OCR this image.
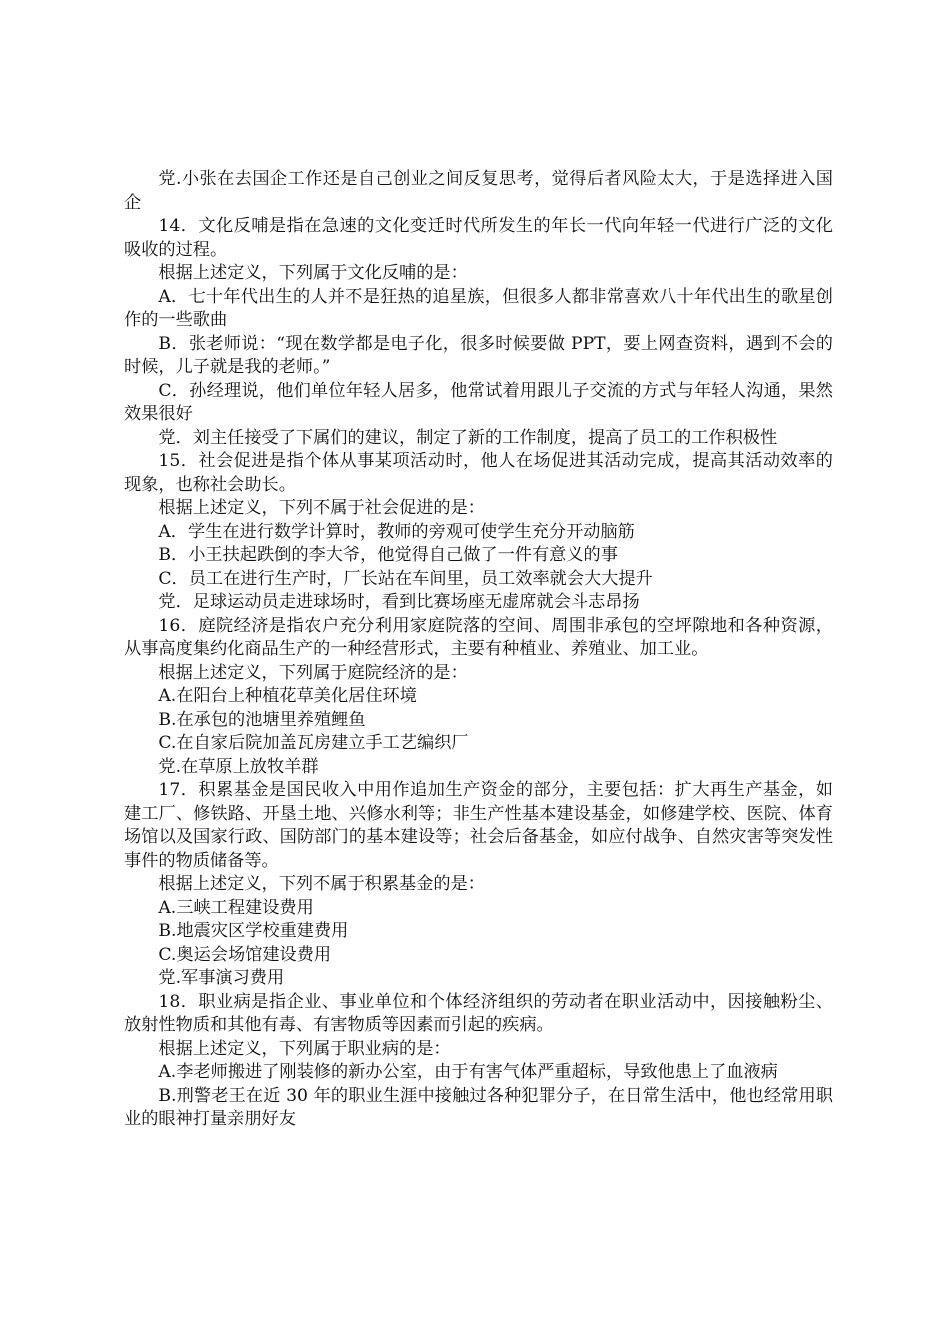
党.小张在去国企工作还是自己创业之间反复思考，觉得后者风险太大，于是选择进入国企

14．文化反哺是指在急速的文化变迁时代所发生的年长一代向年轻一代进行广泛的文化吸收的过程。

根据上述定义，下列属于文化反哺的是：

A．七十年代出生的人并不是狂热的追星族，但很多人都非常喜欢八十年代出生的歌星创作的一些歌曲

B．张老师说：“现在数学都是电子化，很多时候要做 PPT，要上网查资料，遇到不会的时候，儿子就是我的老师。”

C．孙经理说，他们单位年轻人居多，他常试着用跟儿子交流的方式与年轻人沟通，果然效果很好

党．刘主任接受了下属们的建议，制定了新的工作制度，提高了员工的工作积极性

15．社会促进是指个体从事某项活动时，他人在场促进其活动完成，提高其活动效率的现象，也称社会助长。

根据上述定义，下列不属于社会促进的是：

A．学生在进行数学计算时，教师的旁观可使学生充分开动脑筋

B．小王扶起跌倒的李大爷，他觉得自己做了一件有意义的事

C．员工在进行生产时，厂长站在车间里，员工效率就会大大提升

党．足球运动员走进球场时，看到比赛场座无虚席就会斗志昂扬

16．庭院经济是指农户充分利用家庭院落的空间、周围非承包的空坪隙地和各种资源，从事高度集约化商品生产的一种经营形式，主要有种植业、养殖业、加工业。

根据上述定义，下列属于庭院经济的是：

A.在阳台上种植花草美化居住环境

B.在承包的池塘里养殖鲤鱼

C.在自家后院加盖瓦房建立手工艺编织厂

党.在草原上放牧羊群

17．积累基金是国民收入中用作追加生产资金的部分，主要包括：扩大再生产基金，如建工厂、修铁路、开垦土地、兴修水利等；非生产性基本建设基金，如修建学校、医院、体育场馆以及国家行政、国防部门的基本建设等；社会后备基金，如应付战争、自然灾害等突发性事件的物质储备等。

根据上述定义，下列不属于积累基金的是：

A.三峡工程建设费用

B.地震灾区学校重建费用

C.奥运会场馆建设费用

党.军事演习费用

18．职业病是指企业、事业单位和个体经济组织的劳动者在职业活动中，因接触粉尘、放射性物质和其他有毒、有害物质等因素而引起的疾病。

根据上述定义，下列属于职业病的是：

A.李老师搬进了刚装修的新办公室，由于有害气体严重超标，导致他患上了血液病

B.刑警老王在近 30 年的职业生涯中接触过各种犯罪分子，在日常生活中，他也经常用职业的眼神打量亲朋好友
